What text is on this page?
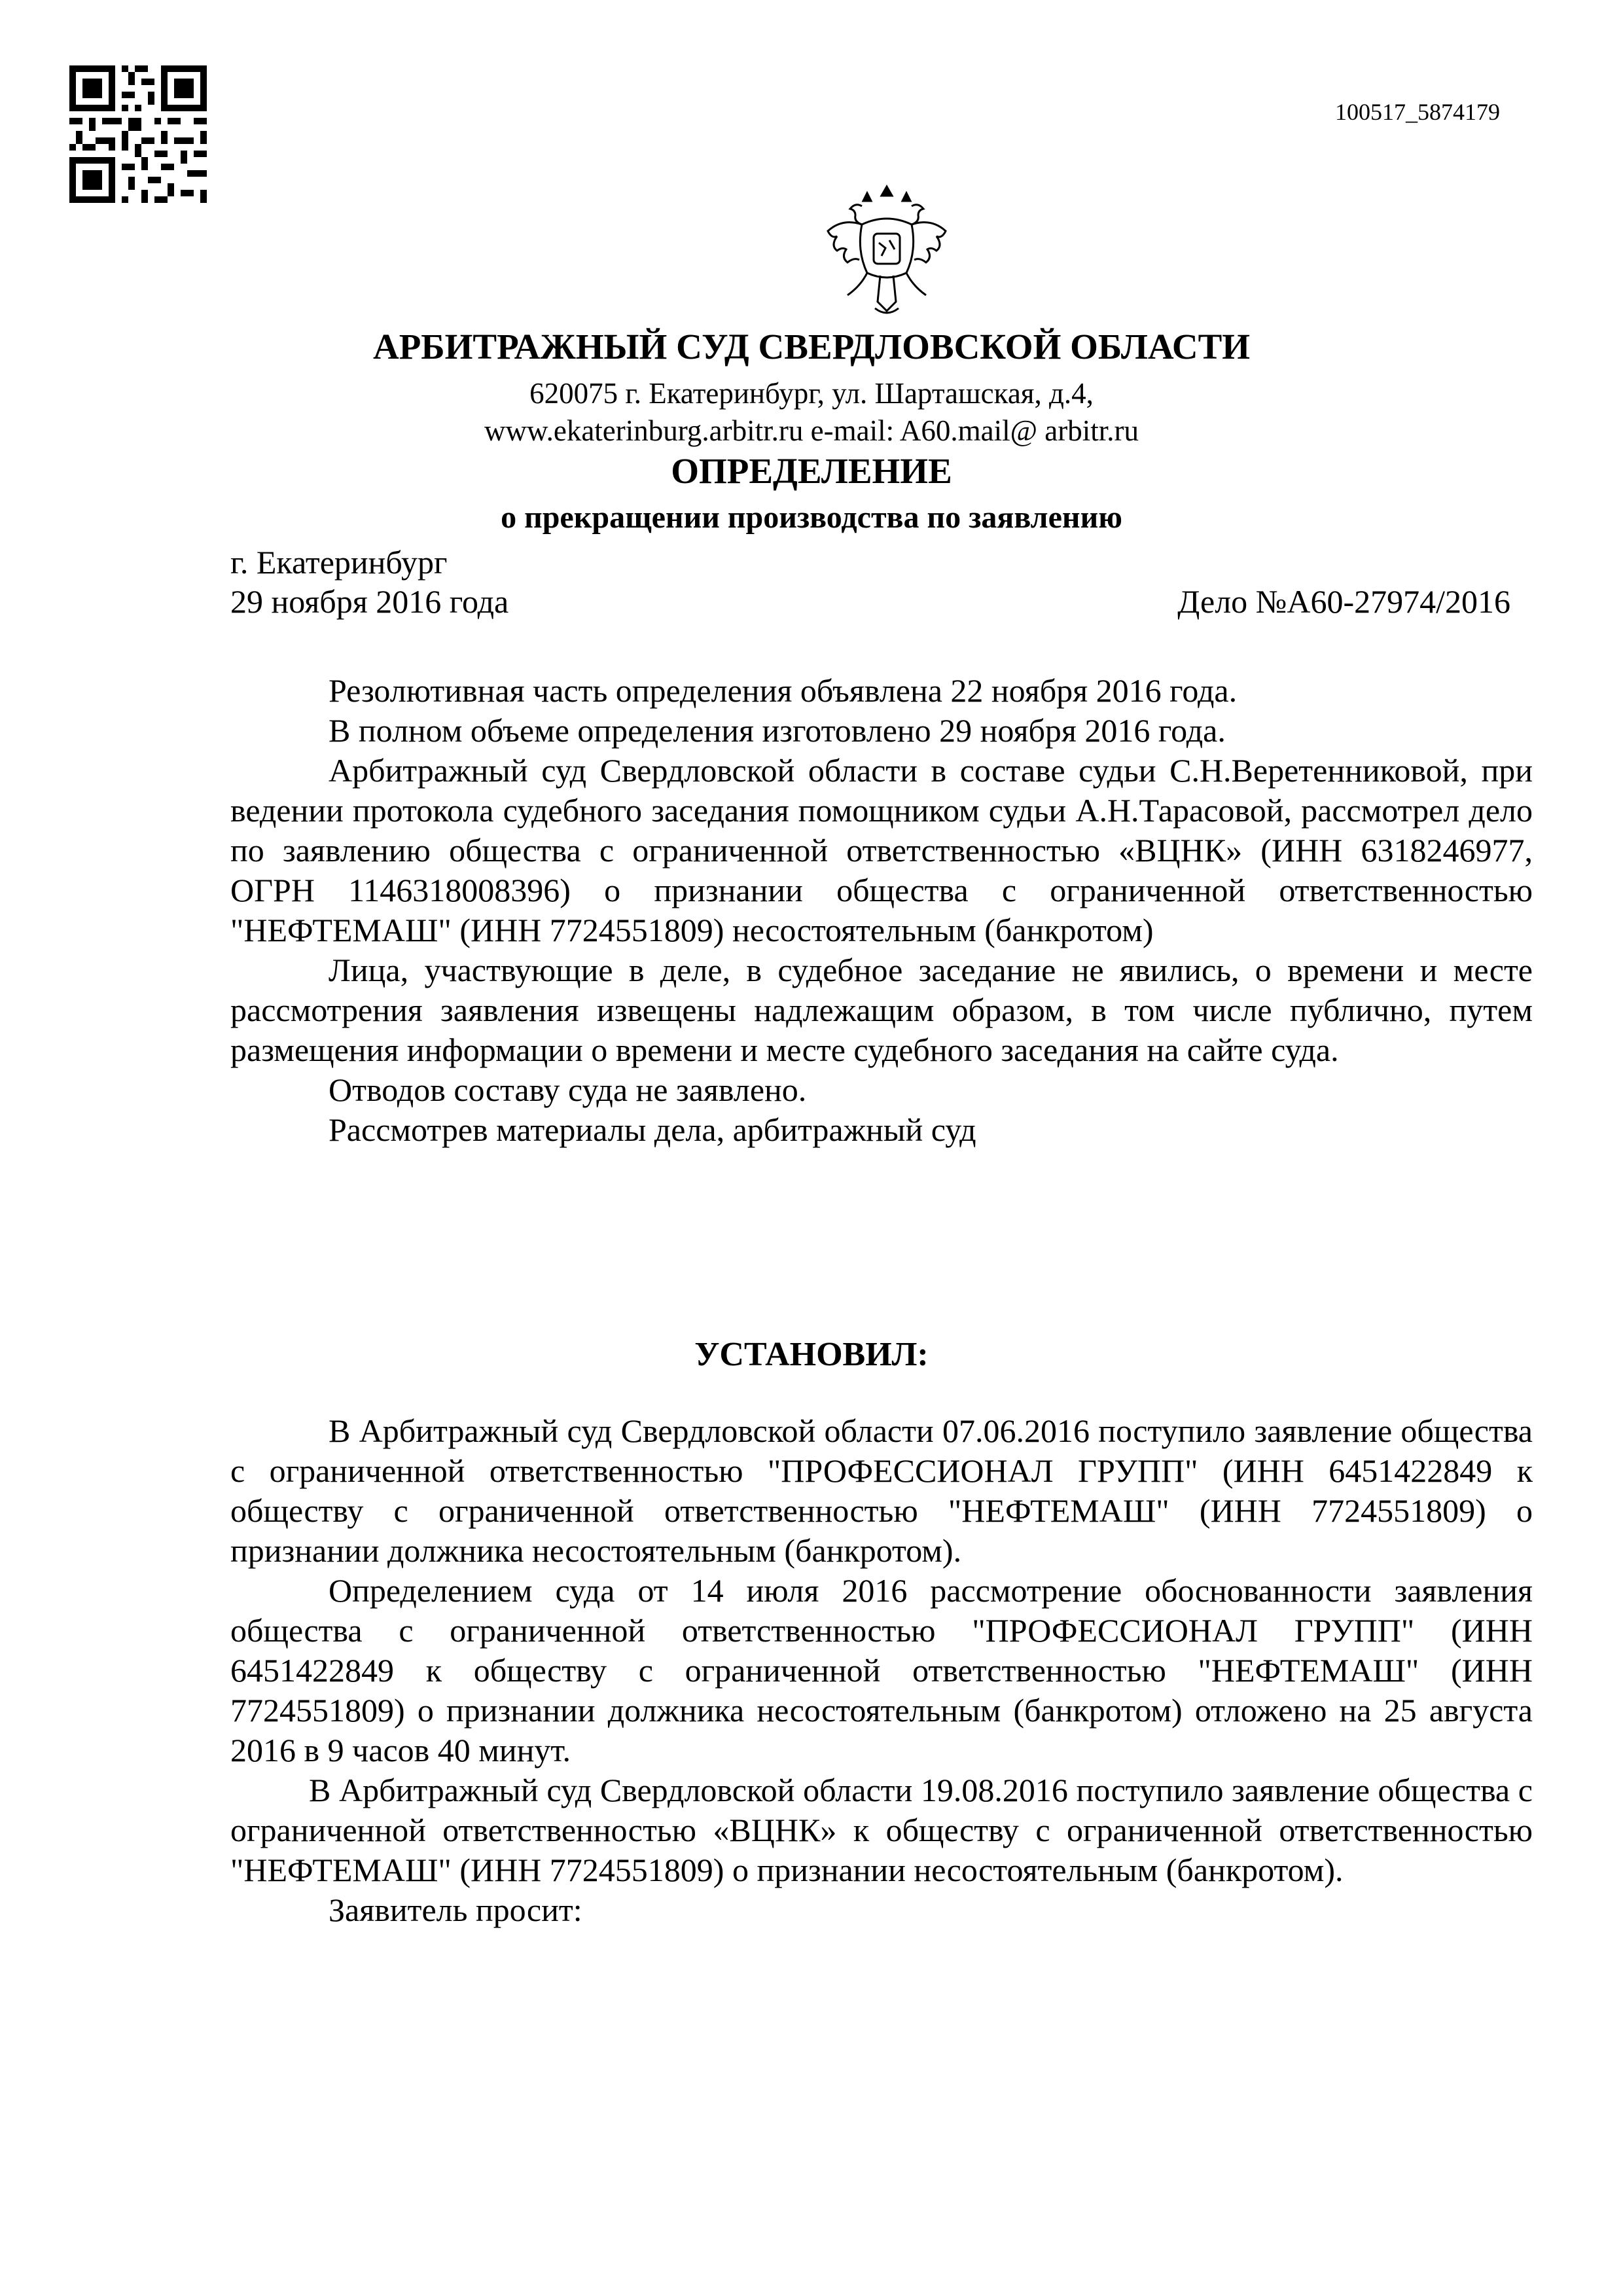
100517_5874179
АРБИТРАЖНЫЙ СУД СВЕРДЛОВСКОЙ ОБЛАСТИ
620075 г. Екатеринбург, ул. Шарташская, д.4,
www.ekaterinburg.arbitr.ru e-mail: A60.mail@ arbitr.ru
ОПРЕДЕЛЕНИЕ
о прекращении производства по заявлению
г. Екатеринбург
29 ноября 2016 года	Дело №А60-27974/2016

Резолютивная часть определения объявлена 22 ноября 2016 года.

В полном объеме определения изготовлено 29 ноября 2016 года.

Арбитражный суд Свердловской области в составе судьи С.Н.Веретенниковой, при ведении протокола судебного заседания помощником судьи А.Н.Тарасовой, рассмотрел дело по заявлению общества с ограниченной ответственностью «ВЦНК» (ИНН 6318246977, ОГРН 1146318008396) о признании общества с ограниченной ответственностью "НЕФТЕМАШ" (ИНН 7724551809) несостоятельным (банкротом)

Лица, участвующие в деле, в судебное заседание не явились, о времени и месте рассмотрения заявления извещены надлежащим образом, в том числе публично, путем размещения информации о времени и месте судебного заседания на сайте суда.

Отводов составу суда не заявлено.

Рассмотрев материалы дела, арбитражный суд

УСТАНОВИЛ:

В Арбитражный суд Свердловской области 07.06.2016 поступило заявление общества с ограниченной ответственностью "ПРОФЕССИОНАЛ ГРУПП" (ИНН 6451422849 к обществу с ограниченной ответственностью "НЕФТЕМАШ" (ИНН 7724551809) о признании должника несостоятельным (банкротом).

Определением суда от 14 июля 2016 рассмотрение обоснованности заявления общества с ограниченной ответственностью "ПРОФЕССИОНАЛ ГРУПП" (ИНН 6451422849 к обществу с ограниченной ответственностью "НЕФТЕМАШ" (ИНН 7724551809) о признании должника несостоятельным (банкротом) отложено на 25 августа 2016 в 9 часов 40 минут.

В Арбитражный суд Свердловской области 19.08.2016 поступило заявление общества с ограниченной ответственностью «ВЦНК» к обществу с ограниченной ответственностью "НЕФТЕМАШ" (ИНН 7724551809) о признании несостоятельным (банкротом).

Заявитель просит:
